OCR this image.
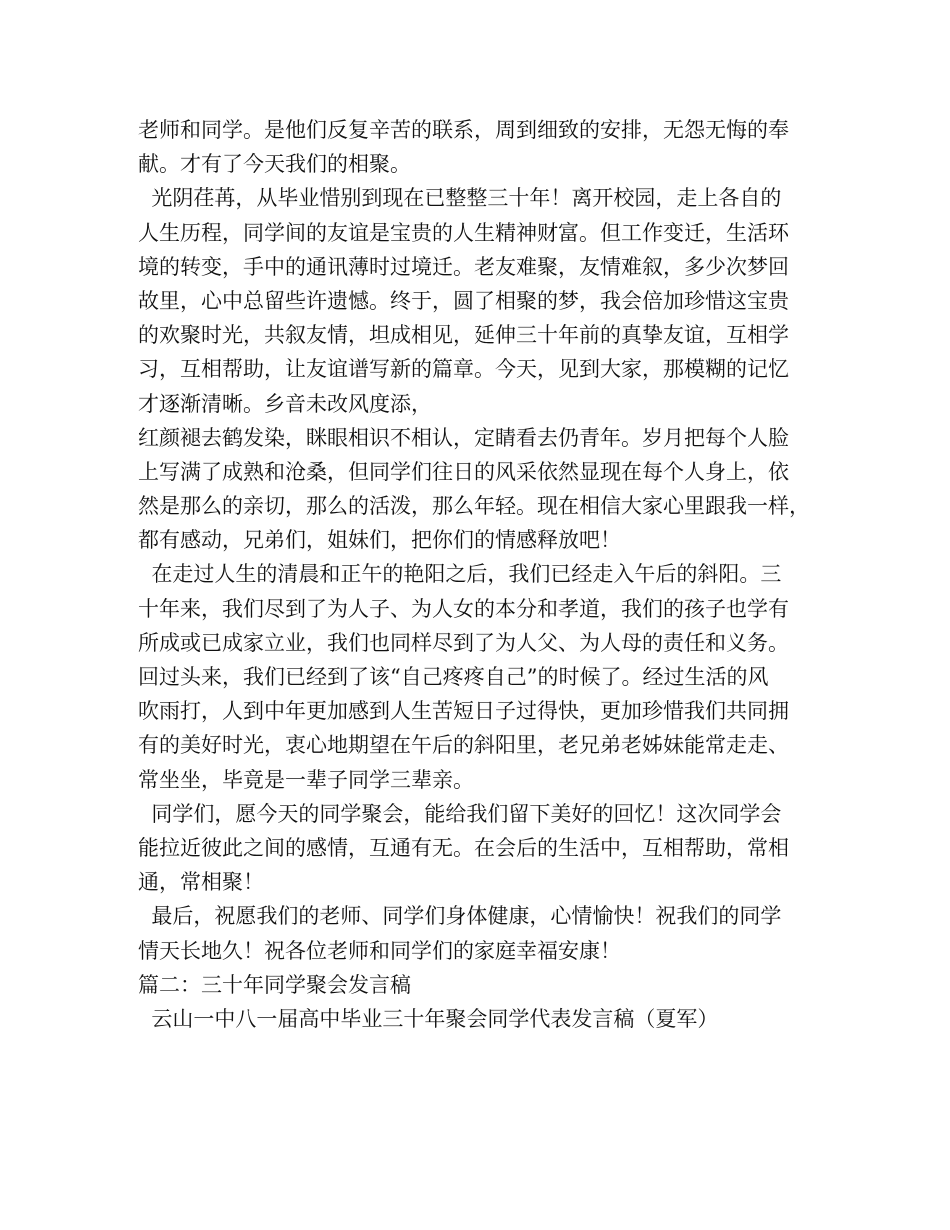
老师和同学。是他们反复辛苦的联系，周到细致的安排，无怨无悔的奉
献。才有了今天我们的相聚。
光阴荏苒，从毕业惜别到现在已整整三十年！离开校园，走上各自的
人生历程，同学间的友谊是宝贵的人生精神财富。但工作变迁，生活环
境的转变，手中的通讯薄时过境迁。老友难聚，友情难叙，多少次梦回
故里，心中总留些许遗憾。终于，圆了相聚的梦，我会倍加珍惜这宝贵
的欢聚时光，共叙友情，坦成相见，延伸三十年前的真挚友谊，互相学
习，互相帮助，让友谊谱写新的篇章。今天，见到大家，那模糊的记忆
才逐渐清晰。乡音未改风度添，
红颜褪去鹤发染，眯眼相识不相认，定睛看去仍青年。岁月把每个人脸
上写满了成熟和沧桑，但同学们往日的风采依然显现在每个人身上，依
然是那么的亲切，那么的活泼，那么年轻。现在相信大家心里跟我一样，
都有感动，兄弟们，姐妹们，把你们的情感释放吧！
在走过人生的清晨和正午的艳阳之后，我们已经走入午后的斜阳。三
十年来，我们尽到了为人子、为人女的本分和孝道，我们的孩子也学有
所成或已成家立业，我们也同样尽到了为人父、为人母的责任和义务。
回过头来，我们已经到了该“自己疼疼自己”的时候了。经过生活的风
吹雨打，人到中年更加感到人生苦短日子过得快，更加珍惜我们共同拥
有的美好时光，衷心地期望在午后的斜阳里，老兄弟老姊妹能常走走、
常坐坐，毕竟是一辈子同学三辈亲。
同学们，愿今天的同学聚会，能给我们留下美好的回忆！这次同学会
能拉近彼此之间的感情，互通有无。在会后的生活中，互相帮助，常相
通，常相聚！
最后，祝愿我们的老师、同学们身体健康，心情愉快！祝我们的同学
情天长地久！祝各位老师和同学们的家庭幸福安康！
篇二：三十年同学聚会发言稿
云山一中八一届高中毕业三十年聚会同学代表发言稿（夏军）
